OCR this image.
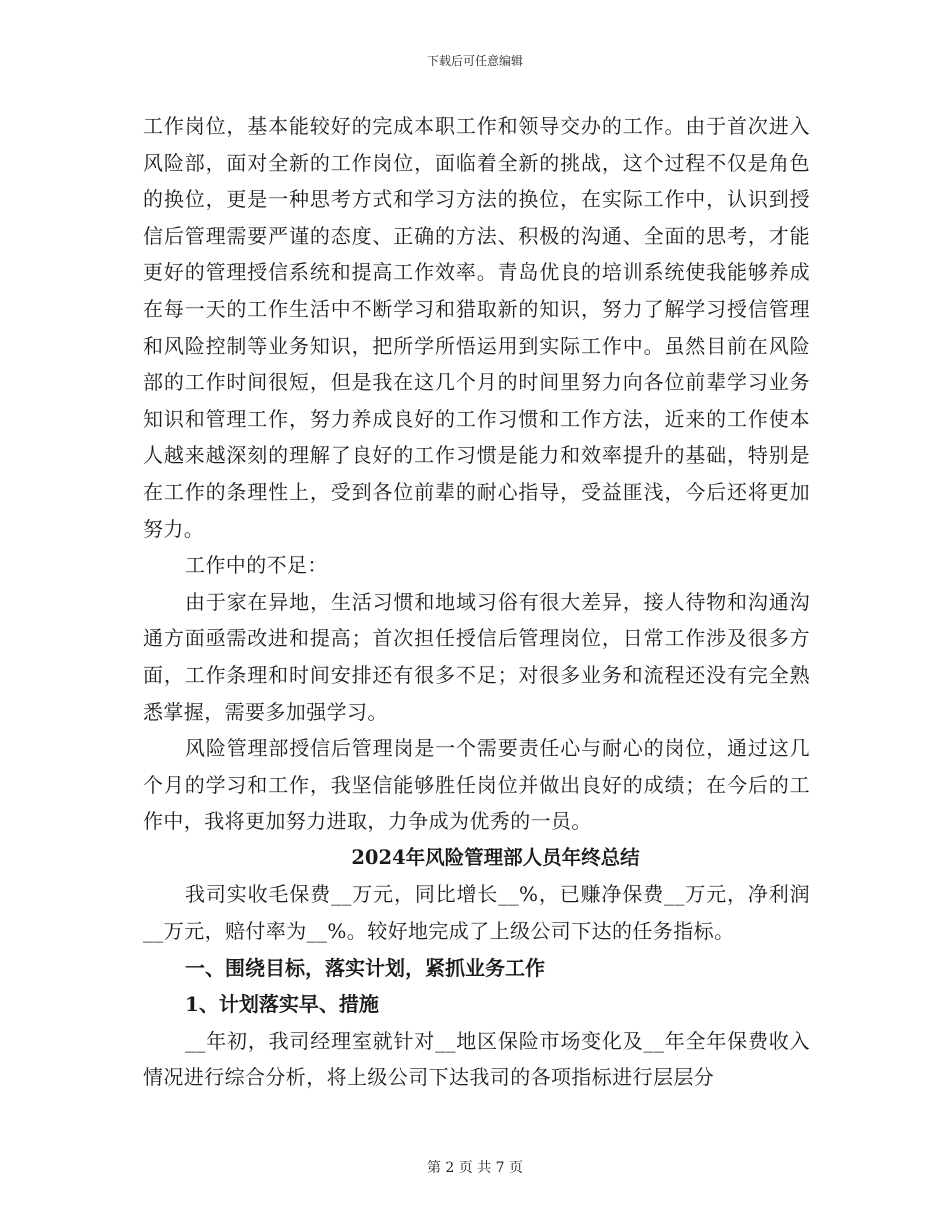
下载后可任意编辑

工作岗位，基本能较好的完成本职工作和领导交办的工作。由于首次进入风险部，面对全新的工作岗位，面临着全新的挑战，这个过程不仅是角色的换位，更是一种思考方式和学习方法的换位，在实际工作中，认识到授信后管理需要严谨的态度、正确的方法、积极的沟通、全面的思考，才能更好的管理授信系统和提高工作效率。青岛优良的培训系统使我能够养成在每一天的工作生活中不断学习和猎取新的知识，努力了解学习授信管理和风险控制等业务知识，把所学所悟运用到实际工作中。虽然目前在风险部的工作时间很短，但是我在这几个月的时间里努力向各位前辈学习业务知识和管理工作，努力养成良好的工作习惯和工作方法，近来的工作使本人越来越深刻的理解了良好的工作习惯是能力和效率提升的基础，特别是在工作的条理性上，受到各位前辈的耐心指导，受益匪浅，今后还将更加努力。

工作中的不足：

由于家在异地，生活习惯和地域习俗有很大差异，接人待物和沟通沟通方面亟需改进和提高；首次担任授信后管理岗位，日常工作涉及很多方面，工作条理和时间安排还有很多不足；对很多业务和流程还没有完全熟悉掌握，需要多加强学习。

风险管理部授信后管理岗是一个需要责任心与耐心的岗位，通过这几个月的学习和工作，我坚信能够胜任岗位并做出良好的成绩；在今后的工作中，我将更加努力进取，力争成为优秀的一员。

2024年风险管理部人员年终总结

我司实收毛保费__万元，同比增长__%，已赚净保费__万元，净利润__万元，赔付率为__%。较好地完成了上级公司下达的任务指标。

一、围绕目标，落实计划，紧抓业务工作

1、计划落实早、措施

__年初，我司经理室就针对__地区保险市场变化及__年全年保费收入情况进行综合分析，将上级公司下达我司的各项指标进行层层分

第 2 页 共 7 页
